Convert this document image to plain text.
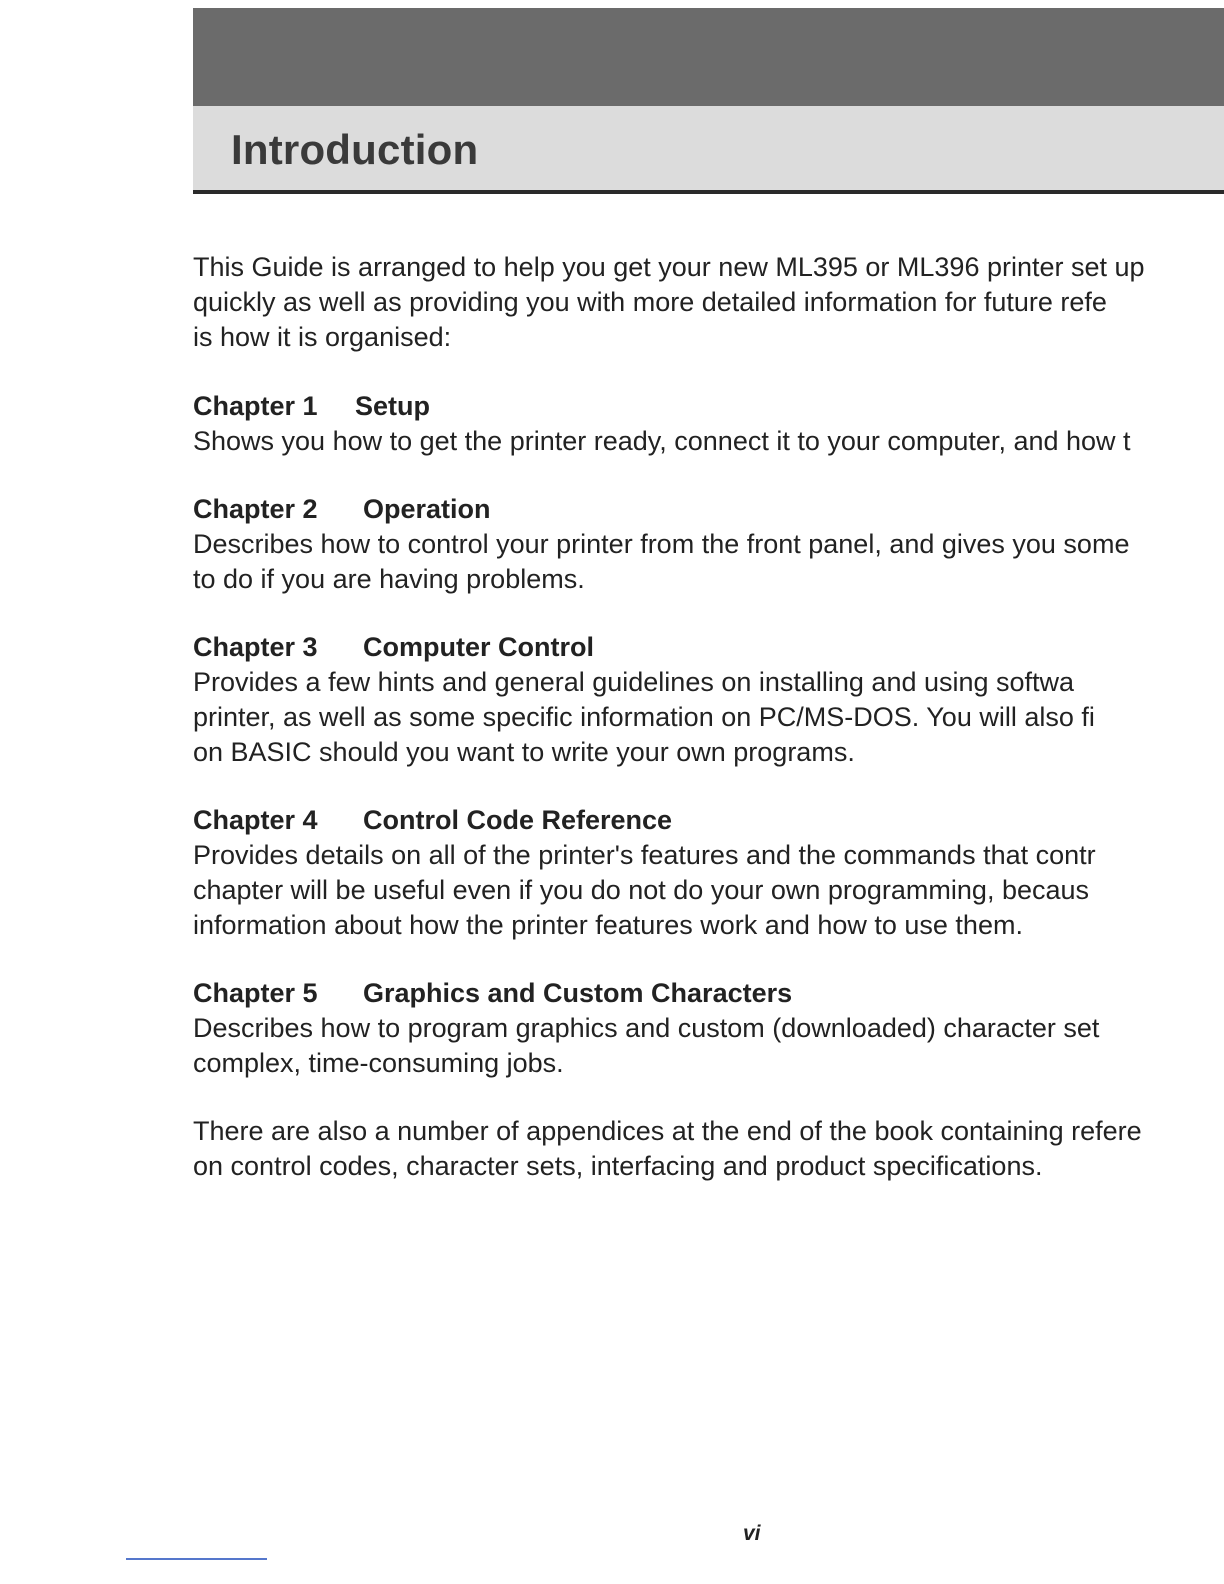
Introduction
This Guide is arranged to help you get your new ML395 or ML396 printer set up
quickly as well as providing you with more detailed information for future refe
is how it is organised:
Chapter 1 Setup
Shows you how to get the printer ready, connect it to your computer, and how t
Chapter 2 Operation
Describes how to control your printer from the front panel, and gives you some
to do if you are having problems.
Chapter 3 Computer Control
Provides a few hints and general guidelines on installing and using softwa
printer, as well as some specific information on PC/MS-DOS. You will also fi
on BASIC should you want to write your own programs.
Chapter 4 Control Code Reference
Provides details on all of the printer's features and the commands that contr
chapter will be useful even if you do not do your own programming, becaus
information about how the printer features work and how to use them.
Chapter 5 Graphics and Custom Characters
Describes how to program graphics and custom (downloaded) character set
complex, time-consuming jobs.
There are also a number of appendices at the end of the book containing refere
on control codes, character sets, interfacing and product specifications.
vi
